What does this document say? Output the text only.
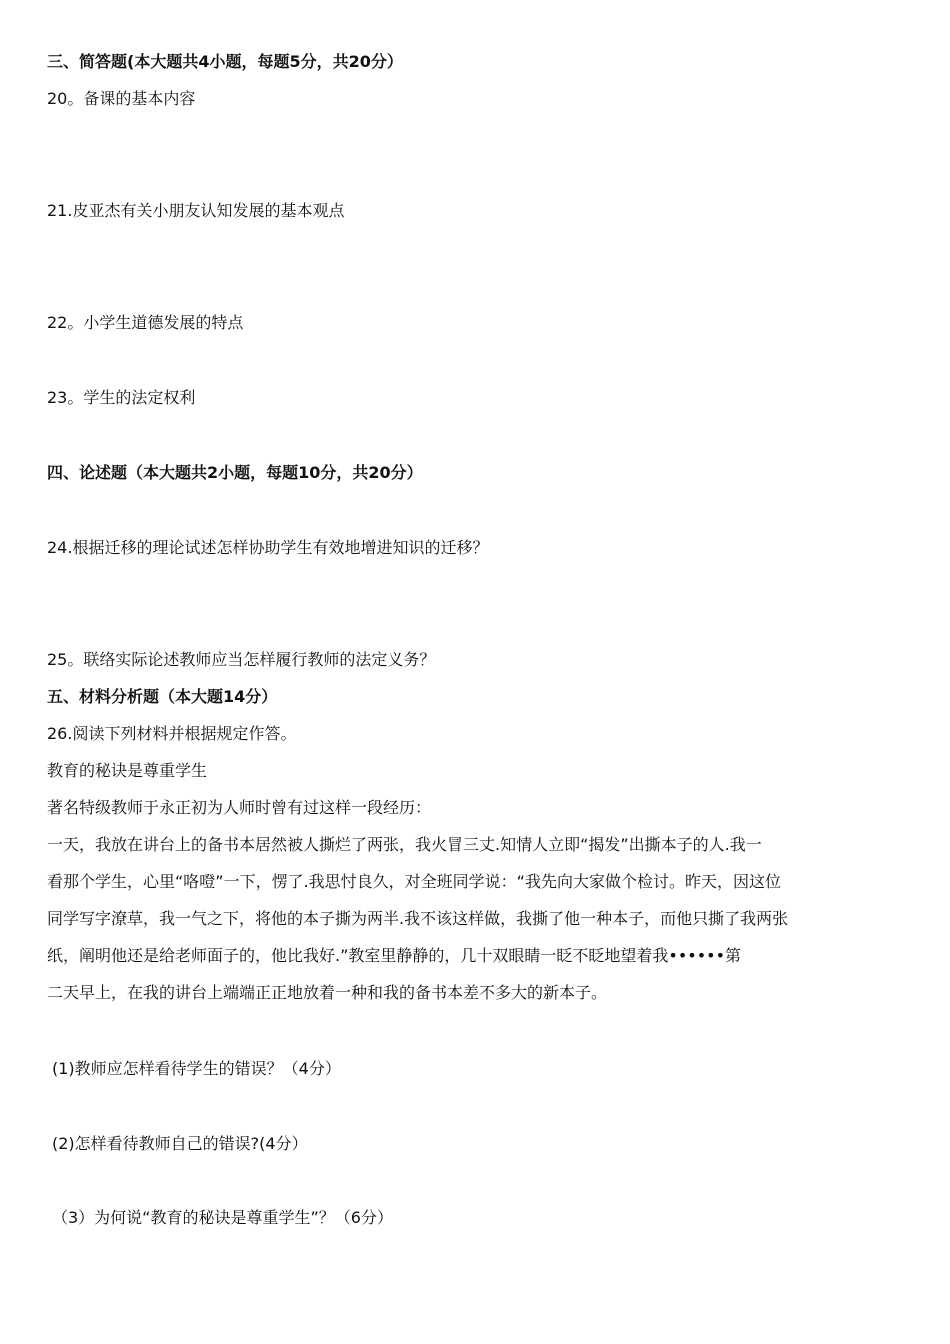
三、简答题(本大题共4小题，每题5分，共20分）

20。备课的基本内容

21.皮亚杰有关小朋友认知发展的基本观点

22。小学生道德发展的特点

23。学生的法定权利

四、论述题（本大题共2小题，每题10分，共20分）

24.根据迁移的理论试述怎样协助学生有效地增进知识的迁移？

25。联络实际论述教师应当怎样履行教师的法定义务？

五、材料分析题（本大题14分）

26.阅读下列材料并根据规定作答。

教育的秘诀是尊重学生

著名特级教师于永正初为人师时曾有过这样一段经历：

一天，我放在讲台上的备书本居然被人撕烂了两张，我火冒三丈.知情人立即“揭发”出撕本子的人.我一

看那个学生，心里“咯噔”一下，愣了.我思忖良久，对全班同学说：“我先向大家做个检讨。昨天，因这位

同学写字潦草，我一气之下，将他的本子撕为两半.我不该这样做，我撕了他一种本子，而他只撕了我两张

纸，阐明他还是给老师面子的，他比我好.”教室里静静的，几十双眼睛一眨不眨地望着我••••••第

二天早上，在我的讲台上端端正正地放着一种和我的备书本差不多大的新本子。

(1)教师应怎样看待学生的错误？（4分）

(2)怎样看待教师自己的错误?(4分）

（3）为何说“教育的秘诀是尊重学生”？（6分）
